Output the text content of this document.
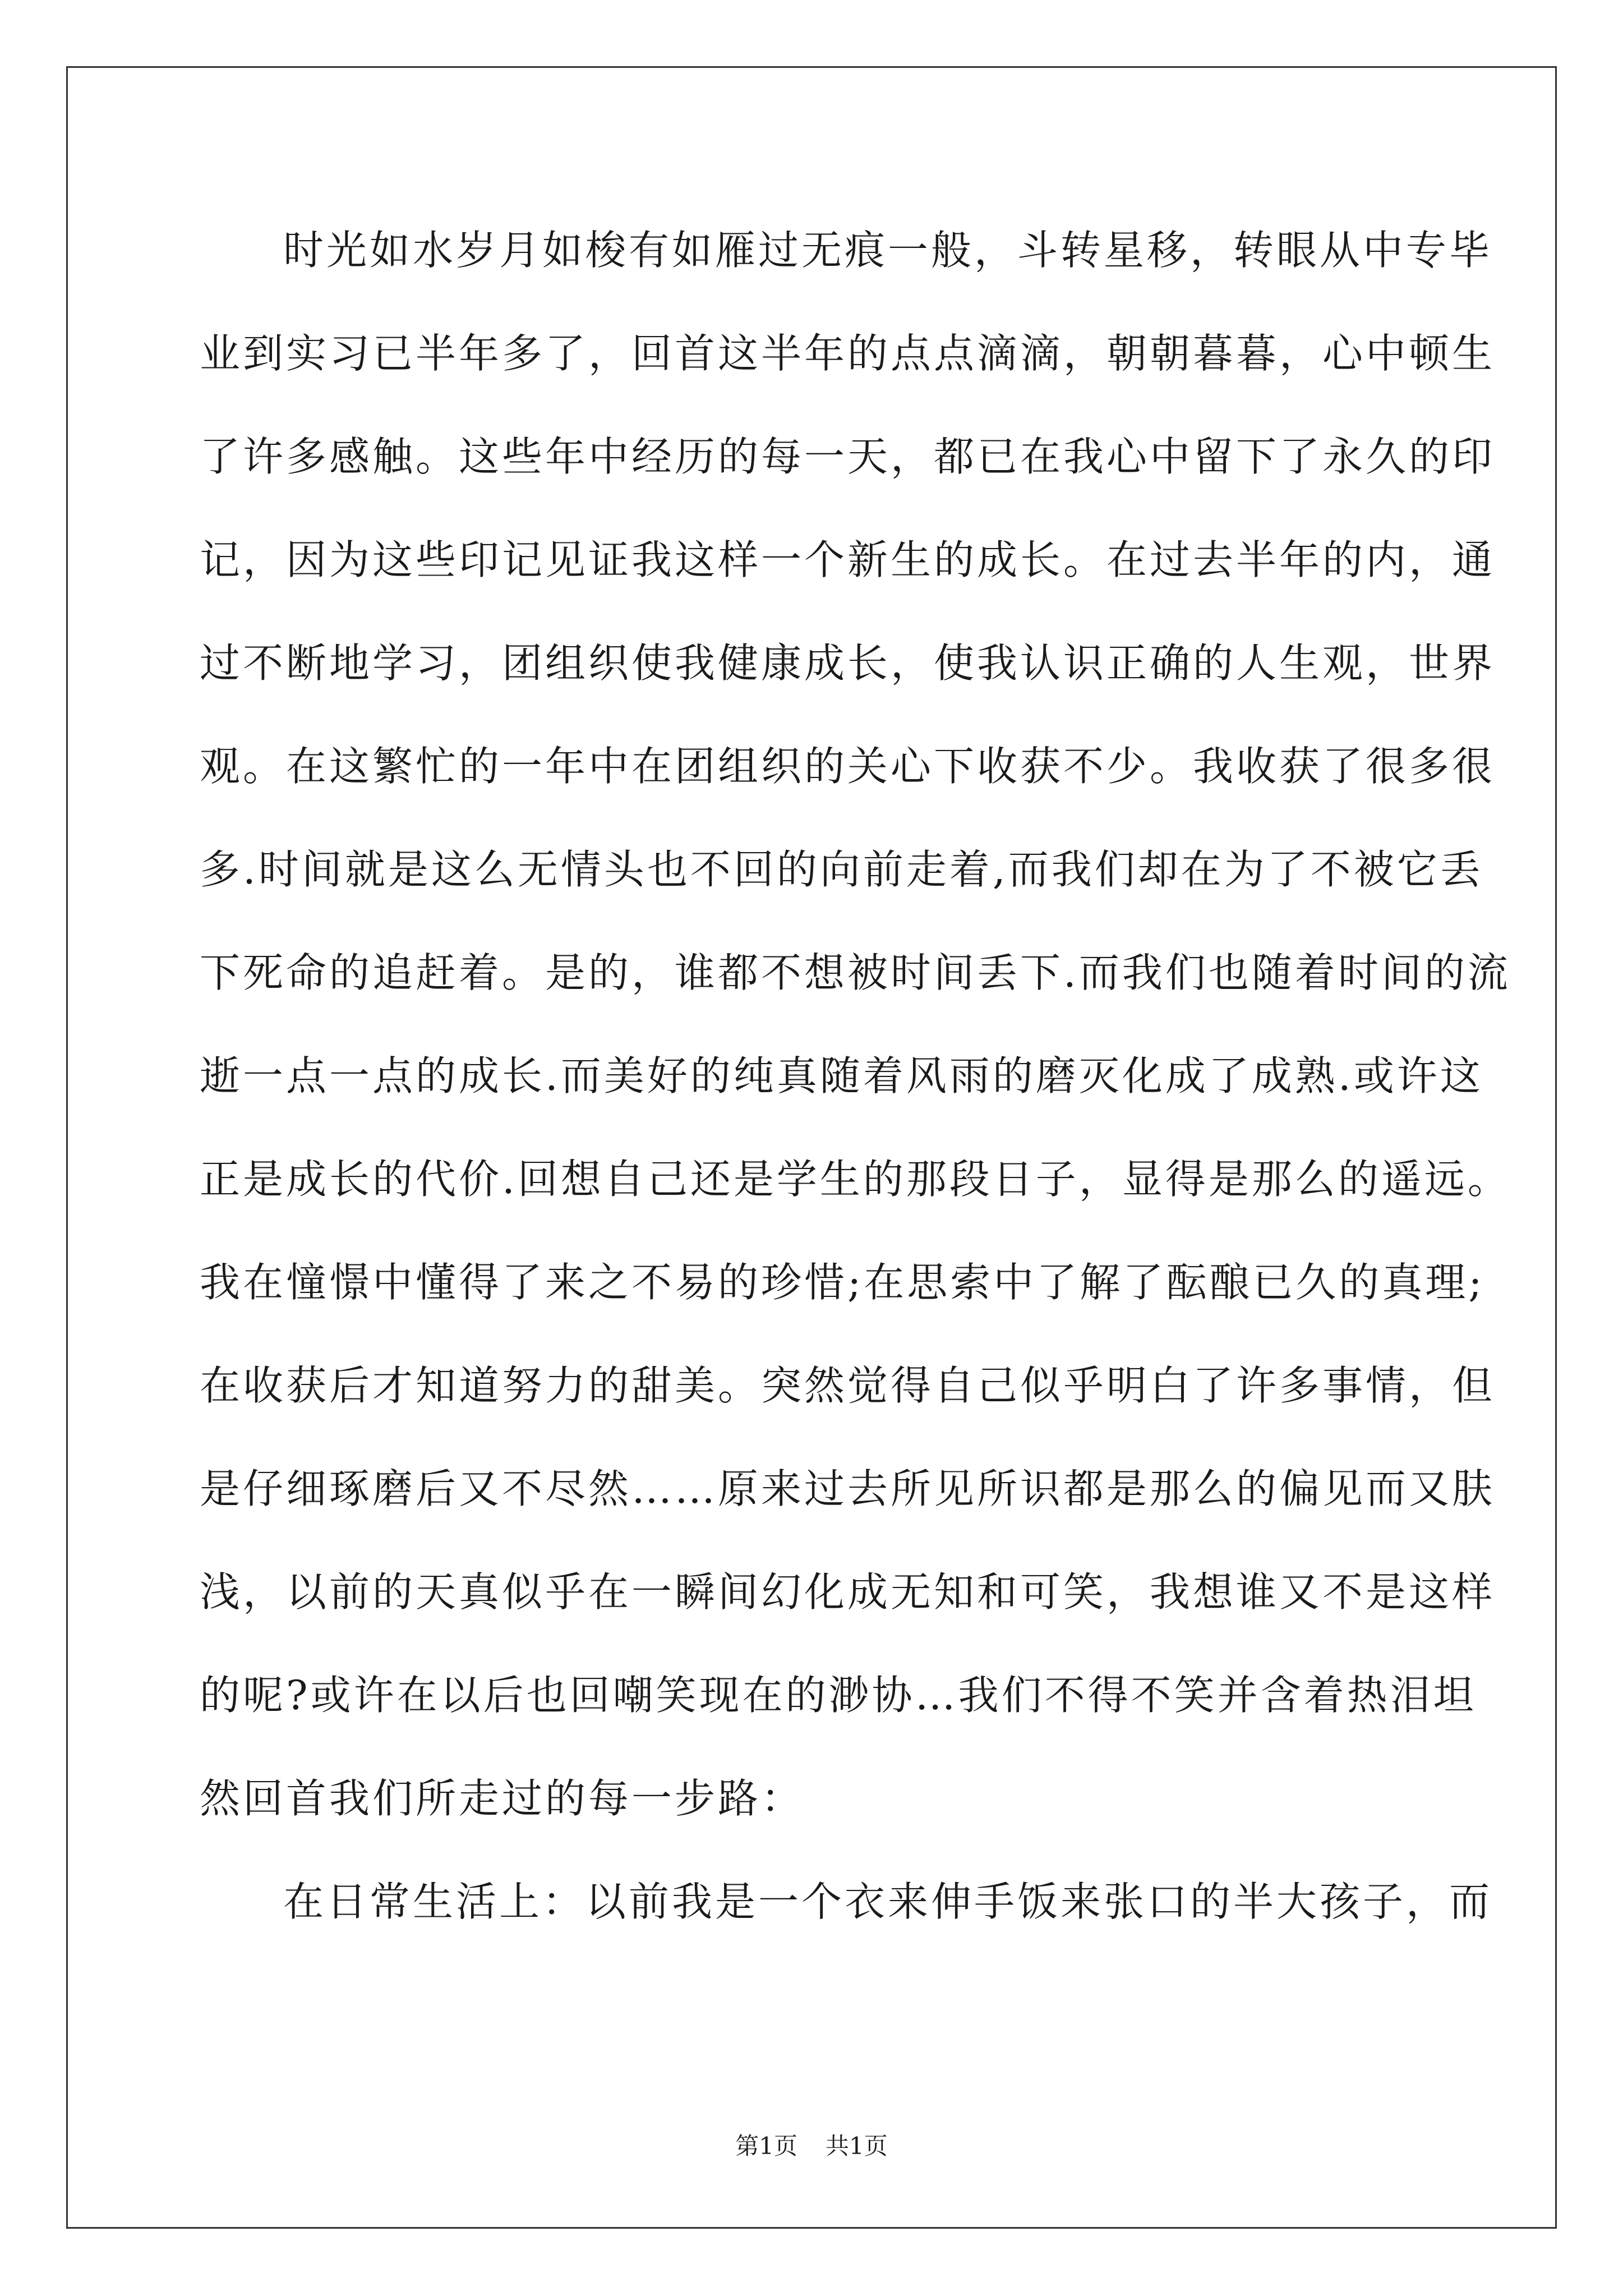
时光如水岁月如梭有如雁过无痕一般，斗转星移，转眼从中专毕
业到实习已半年多了，回首这半年的点点滴滴，朝朝暮暮，心中顿生
了许多感触。这些年中经历的每一天，都已在我心中留下了永久的印
记，因为这些印记见证我这样一个新生的成长。在过去半年的内，通
过不断地学习，团组织使我健康成长，使我认识正确的人生观，世界
观。在这繁忙的一年中在团组织的关心下收获不少。我收获了很多很
多.时间就是这么无情头也不回的向前走着,而我们却在为了不被它丢
下死命的追赶着。是的，谁都不想被时间丢下.而我们也随着时间的流
逝一点一点的成长.而美好的纯真随着风雨的磨灭化成了成熟.或许这
正是成长的代价.回想自己还是学生的那段日子，显得是那么的遥远。
我在憧憬中懂得了来之不易的珍惜;在思索中了解了酝酿已久的真理;
在收获后才知道努力的甜美。突然觉得自己似乎明白了许多事情，但
是仔细琢磨后又不尽然……原来过去所见所识都是那么的偏见而又肤
浅，以前的天真似乎在一瞬间幻化成无知和可笑，我想谁又不是这样
的呢?或许在以后也回嘲笑现在的渺协…我们不得不笑并含着热泪坦
然回首我们所走过的每一步路：
在日常生活上：以前我是一个衣来伸手饭来张口的半大孩子，而
第1页 共1页
